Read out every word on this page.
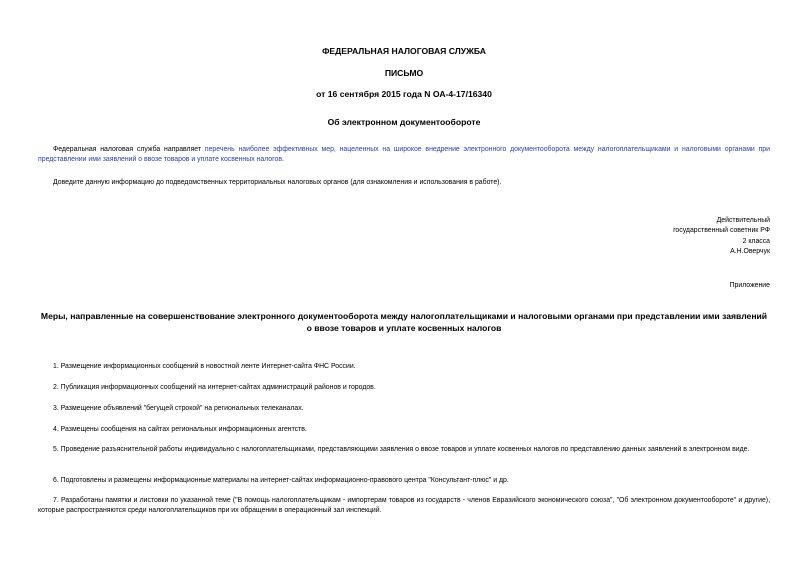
ФЕДЕРАЛЬНАЯ НАЛОГОВАЯ СЛУЖБА
ПИСЬМО
от 16 сентября 2015 года N ОА-4-17/16340
Об электронном документообороте
Федеральная налоговая служба направляет перечень наиболее эффективных мер, нацеленных на широкое внедрение электронного документооборота между налогоплательщиками и налоговыми органами при представлении ими заявлений о ввозе товаров и уплате косвенных налогов.
Доведите данную информацию до подведомственных территориальных налоговых органов (для ознакомления и использования в работе).
Действительный
государственный советник РФ
2 класса
А.Н.Оверчук
Приложение
Меры, направленные на совершенствование электронного документооборота между налогоплательщиками и налоговыми органами при представлении ими заявлений о ввозе товаров и уплате косвенных налогов
1. Размещение информационных сообщений в новостной ленте Интернет-сайта ФНС России.
2. Публикация информационных сообщений на интернет-сайтах администраций районов и городов.
3. Размещение объявлений "бегущей строкой" на региональных телеканалах.
4. Размещены сообщения на сайтах региональных информационных агентств.
5. Проведение разъяснительной работы индивидуально с налогоплательщиками, представляющими заявления о ввозе товаров и уплате косвенных налогов по представлению данных заявлений в электронном виде.
6. Подготовлены и размещены информационные материалы на интернет-сайтах информационно-правового центра "Консультант-плюс" и др.
7. Разработаны памятки и листовки по указанной теме ("В помощь налогоплательщикам - импортерам товаров из государств - членов Евразийского экономического союза", "Об электронном документообороте" и другие), которые распространяются среди налогоплательщиков при их обращении в операционный зал инспекций.
